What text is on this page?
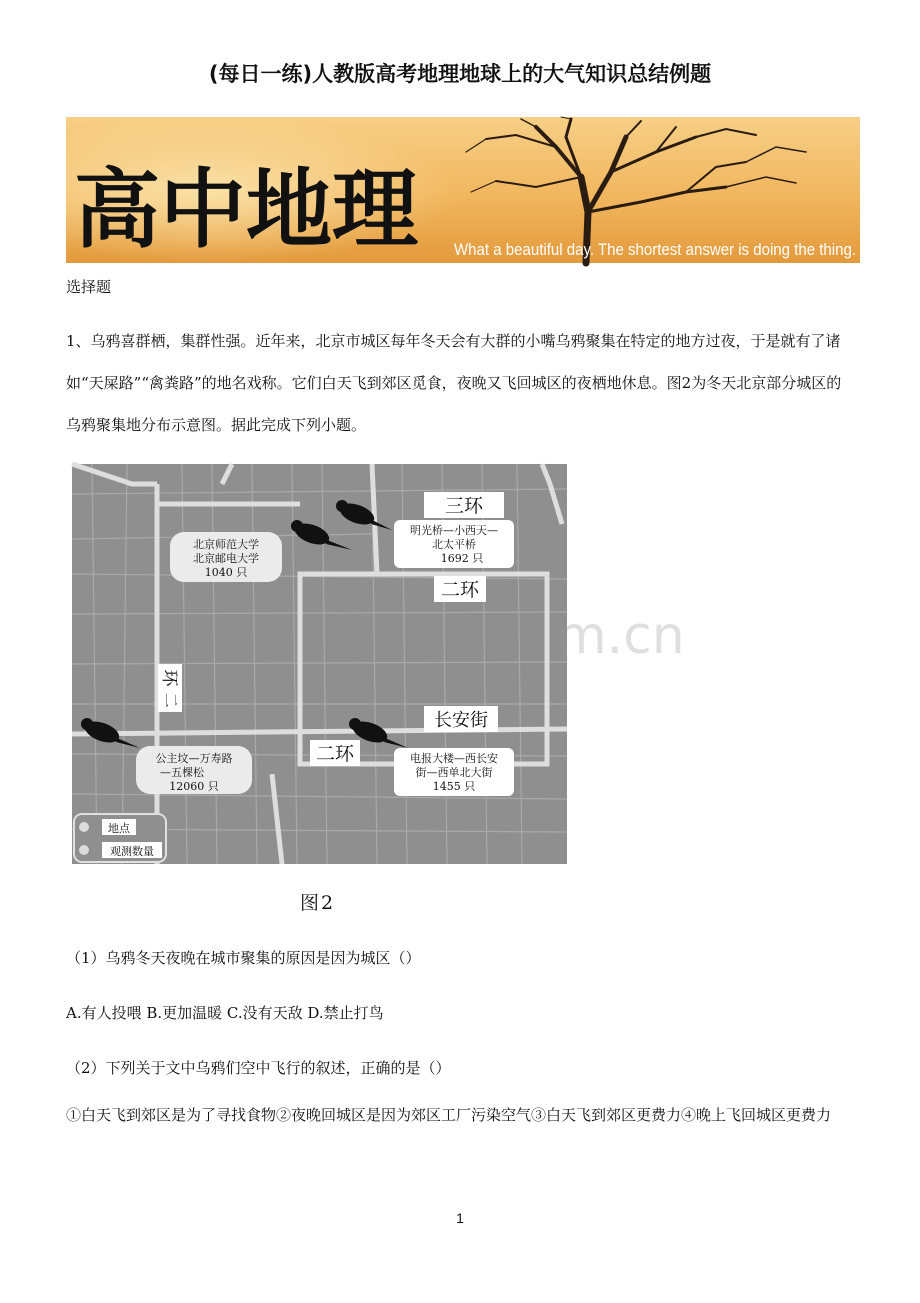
(每日一练)人教版高考地理地球上的大气知识总结例题
高中地理 What a beautiful day. The shortest answer is doing the thing.
选择题
1、乌鸦喜群栖，集群性强。近年来，北京市城区每年冬天会有大群的小嘴乌鸦聚集在特定的地方过夜，于是就有了诸如“天屎路”“禽粪路”的地名戏称。它们白天飞到郊区觅食，夜晚又飞回城区的夜栖地休息。图2为冬天北京部分城区的乌鸦聚集地分布示意图。据此完成下列小题。
三环
二环
二环
环
二
长安街
北京师范大学
北京邮电大学
1040 只
明光桥—小西天—
北太平桥
1692 只
公主坟—万寿路
—五棵松
12060 只
电报大楼—西长安
街—西单北大街
1455 只
地点
观测数量
m.cn
图2
（1）乌鸦冬天夜晚在城市聚集的原因是因为城区（）
A.有人投喂 B.更加温暖 C.没有天敌 D.禁止打鸟
（2）下列关于文中乌鸦们空中飞行的叙述，正确的是（）
①白天飞到郊区是为了寻找食物②夜晚回城区是因为郊区工厂污染空气③白天飞到郊区更费力④晚上飞回城区更费力
1
